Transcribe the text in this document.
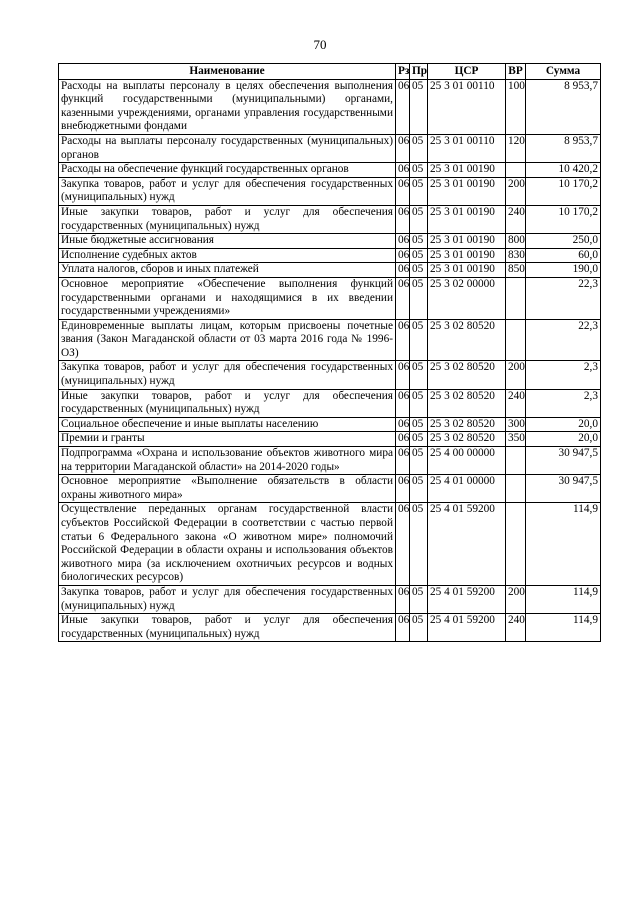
70
Наименование	Рз	Пр	ЦСР	ВР	Сумма
Расходы на выплаты персоналу в целях обеспечения выполнения функций государственными (муниципальными) органами, казенными учреждениями, органами управления государственными внебюджетными фондами	06	05	25 3 01 00110	100	8 953,7
Расходы на выплаты персоналу государственных (муниципальных) органов	06	05	25 3 01 00110	120	8 953,7
Расходы на обеспечение функций государственных органов	06	05	25 3 01 00190		10 420,2
Закупка товаров, работ и услуг для обеспечения государственных (муниципальных) нужд	06	05	25 3 01 00190	200	10 170,2
Иные закупки товаров, работ и услуг для обеспечения государственных (муниципальных) нужд	06	05	25 3 01 00190	240	10 170,2
Иные бюджетные ассигнования	06	05	25 3 01 00190	800	250,0
Исполнение судебных актов	06	05	25 3 01 00190	830	60,0
Уплата налогов, сборов и иных платежей	06	05	25 3 01 00190	850	190,0
Основное мероприятие «Обеспечение выполнения функций государственными органами и находящимися в их введении государственными учреждениями»	06	05	25 3 02 00000		22,3
Единовременные выплаты лицам, которым присвоены почетные звания (Закон Магаданской области от 03 марта 2016 года № 1996-ОЗ)	06	05	25 3 02 80520		22,3
Закупка товаров, работ и услуг для обеспечения государственных (муниципальных) нужд	06	05	25 3 02 80520	200	2,3
Иные закупки товаров, работ и услуг для обеспечения государственных (муниципальных) нужд	06	05	25 3 02 80520	240	2,3
Социальное обеспечение и иные выплаты населению	06	05	25 3 02 80520	300	20,0
Премии и гранты	06	05	25 3 02 80520	350	20,0
Подпрограмма «Охрана и использование объектов животного мира на территории Магаданской области» на 2014-2020 годы»	06	05	25 4 00 00000		30 947,5
Основное мероприятие «Выполнение обязательств в области охраны животного мира»	06	05	25 4 01 00000		30 947,5
Осуществление переданных органам государственной власти субъектов Российской Федерации в соответствии с частью первой статьи 6 Федерального закона «О животном мире» полномочий Российской Федерации в области охраны и использования объектов животного мира (за исключением охотничьих ресурсов и водных биологических ресурсов)	06	05	25 4 01 59200		114,9
Закупка товаров, работ и услуг для обеспечения государственных (муниципальных) нужд	06	05	25 4 01 59200	200	114,9
Иные закупки товаров, работ и услуг для обеспечения государственных (муниципальных) нужд	06	05	25 4 01 59200	240	114,9
